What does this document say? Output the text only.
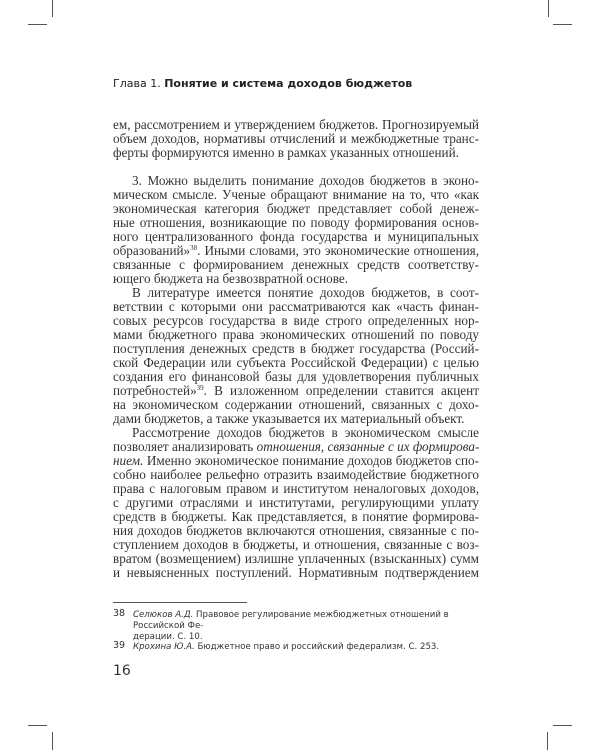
Глава 1. Понятие и система доходов бюджетов
ем, рассмотрением и утверждением бюджетов. Прогнозируемый
объем доходов, нормативы отчислений и межбюджетные транс-
ферты формируются именно в рамках указанных отношений.
3. Можно выделить понимание доходов бюджетов в эконо-
мическом смысле. Ученые обращают внимание на то, что «как
экономическая категория бюджет представляет собой денеж-
ные отношения, возникающие по поводу формирования основ-
ного централизованного фонда государства и муниципальных
образований»$^{38}$. Иными словами, это экономические отношения,
связанные с формированием денежных средств соответству-
ющего бюджета на безвозвратной основе.
В литературе имеется понятие доходов бюджетов, в соот-
ветствии с которыми они рассматриваются как «часть финан-
совых ресурсов государства в виде строго определенных нор-
мами бюджетного права экономических отношений по поводу
поступления денежных средств в бюджет государства (Россий-
ской Федерации или субъекта Российской Федерации) с целью
создания его финансовой базы для удовлетворения публичных
потребностей»$^{39}$. В изложенном определении ставится акцент
на экономическом содержании отношений, связанных с дохо-
дами бюджетов, а также указывается их материальный объект.
Рассмотрение доходов бюджетов в экономическом смысле
позволяет анализировать отношения, связанные с их формирова-
нием. Именно экономическое понимание доходов бюджетов спо-
собно наиболее рельефно отразить взаимодействие бюджетного
права с налоговым правом и институтом неналоговых доходов,
с другими отраслями и институтами, регулирующими уплату
средств в бюджеты. Как представляется, в понятие формирова-
ния доходов бюджетов включаются отношения, связанные с по-
ступлением доходов в бюджеты, и отношения, связанные с воз-
вратом (возмещением) излишне уплаченных (взысканных) сумм
и невыясненных поступлений. Нормативным подтверждением
38 Селюков А.Д. Правовое регулирование межбюджетных отношений в Российской Фе-
дерации. С. 10.
39 Крохина Ю.А. Бюджетное право и российский федерализм. С. 253.
16
